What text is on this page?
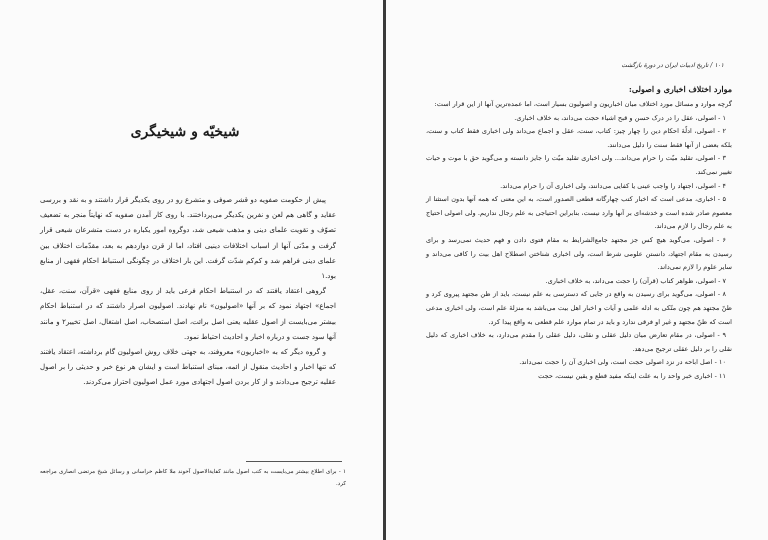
شیخیّه و شیخیگری

پیش از حکومت صفویه دو قشر صوفی و متشرع رو در روی یکدیگر قرار داشتند و به نقد و بررسی عقاید و گاهی هم لعن و نفرین یکدیگر می‌پرداختند. با روی کار آمدن صفویه که نهایتاً منجر به تضعیف تصوّف و تقویت علمای دینی و مذهب شیعی شد، دوگروه امور یکباره در دست متشرعان شیعی قرار گرفت و مدّتی آنها از اسباب اختلافات دینیی افتاد، اما از قرن دوازدهم به بعد، مقدّمات اختلاف بین علمای دینی فراهم شد و کم‌کم شدّت گرفت. این بار اختلاف در چگونگی استنباط احکام فقهی از منابع بود.۱

گروهی اعتقاد یافتند که در استنباط احکام فرعی باید از روی منابع فقهی «قرآن، سنت، عقل، اجماع» اجتهاد نمود که بر آنها «اصولیون» نام نهادند. اصولیون اصرار داشتند که در استنباط احکام بیشتر می‌بایست از اصول عقلیه یعنی اصل برائت، اصل استصحاب، اصل اشتغال، اصل تخییر۲ و مانند آنها سود جست و درباره اخبار و احادیث احتیاط نمود.

و گروه دیگر که به «اخباریون» معروفند، به جهتی خلاف روش اصولیون گام برداشته، اعتقاد یافتند که تنها اخبار و احادیث منقول از ائمه، مبنای استنباط است و ایشان هر نوع خبر و حدیثی را بر اصول عقلیه ترجیح می‌دادند و از کار بردن اصول اجتهادی مورد عمل اصولیون احتراز می‌کردند.

۱ - برای اطلاع بیشتر می‌بایست به کتب اصول مانند کفایة‌الاصول آخوند ملا کاظم خراسانی و رسائل شیخ مرتضی انصاری مراجعه کرد.
۱۰۱ / تاریخ ادبیات ایران در دورهٔ بازگشت
موارد اختلاف اخباری و اصولی:

گرچه موارد و مسائل مورد اختلاف میان اخباریون و اصولیون بسیار است، اما عمده‌ترین آنها از این قرار است:

۱ - اصولی، عقل را در درک حسن و قبح اشیاء حجت می‌داند، به خلاف اخباری.

۲ - اصولی، ادلّهٔ احکام دین را چهار چیز: کتاب، سنت، عقل و اجماع می‌داند ولی اخباری فقط کتاب و سنت، بلکه بعضی از آنها فقط سنت را دلیل می‌دانند.

۳ - اصولی، تقلید میّت را حرام می‌داند... ولی اخباری تقلید میّت را جایز دانسته و می‌گوید حق با موت و حیات تغییر نمی‌کند.

۴ - اصولی، اجتهاد را واجب عینی یا کفایی می‌دانند، ولی اخباری آن را حرام می‌داند.

۵ - اخباری، مدعی است که اخبار کتب چهارگانه قطعی الصدور است، به این معنی که همه آنها بدون استثنا از معصوم صادر شده است و خدشه‌ای بر آنها وارد نیست، بنابراین احتیاجی به علم رجال نداریم. ولی اصولی احتیاج به علم رجال را لازم می‌داند.

۶ - اصولی، می‌گوید هیچ کس جز مجتهد جامع‌الشرایط به مقام فتوی دادن و فهم حدیث نمی‌رسد و برای رسیدن به مقام اجتهاد، دانستن علومی شرط است، ولی اخباری شناختن اصطلاح اهل بیت را کافی می‌داند و سایر علوم را لازم نمی‌داند.

۷ - اصولی، ظواهر کتاب (قرآن) را حجت می‌داند، به خلاف اخباری.

۸ - اصولی، می‌گوید برای رسیدن به واقع در جایی که دسترسی به علم نیست، باید از ظن مجتهد پیروی کرد و ظنّ مجتهد هم چون متّکی به ادله علمی و آیات و اخبار اهل بیت می‌باشد به منزلهٔ علم است، ولی اخباری مدعی است که ظنّ مجتهد و غیر او فرقی ندارد و باید در تمام موارد علم قطعی به واقع پیدا کرد.

۹ - اصولی، در مقام تعارض میان دلیل عقلی و نقلی، دلیل عقلی را مقدم می‌دارد، به خلاف اخباری که دلیل نقلی را بر دلیل عقلی ترجیح می‌دهد.

۱۰ - اصل اباحه در نزد اصولی حجت است، ولی اخباری آن را حجت نمی‌داند.

۱۱ - اخباری خبر واحد را به علت اینکه مفید قطع و یقین نیست، حجت
